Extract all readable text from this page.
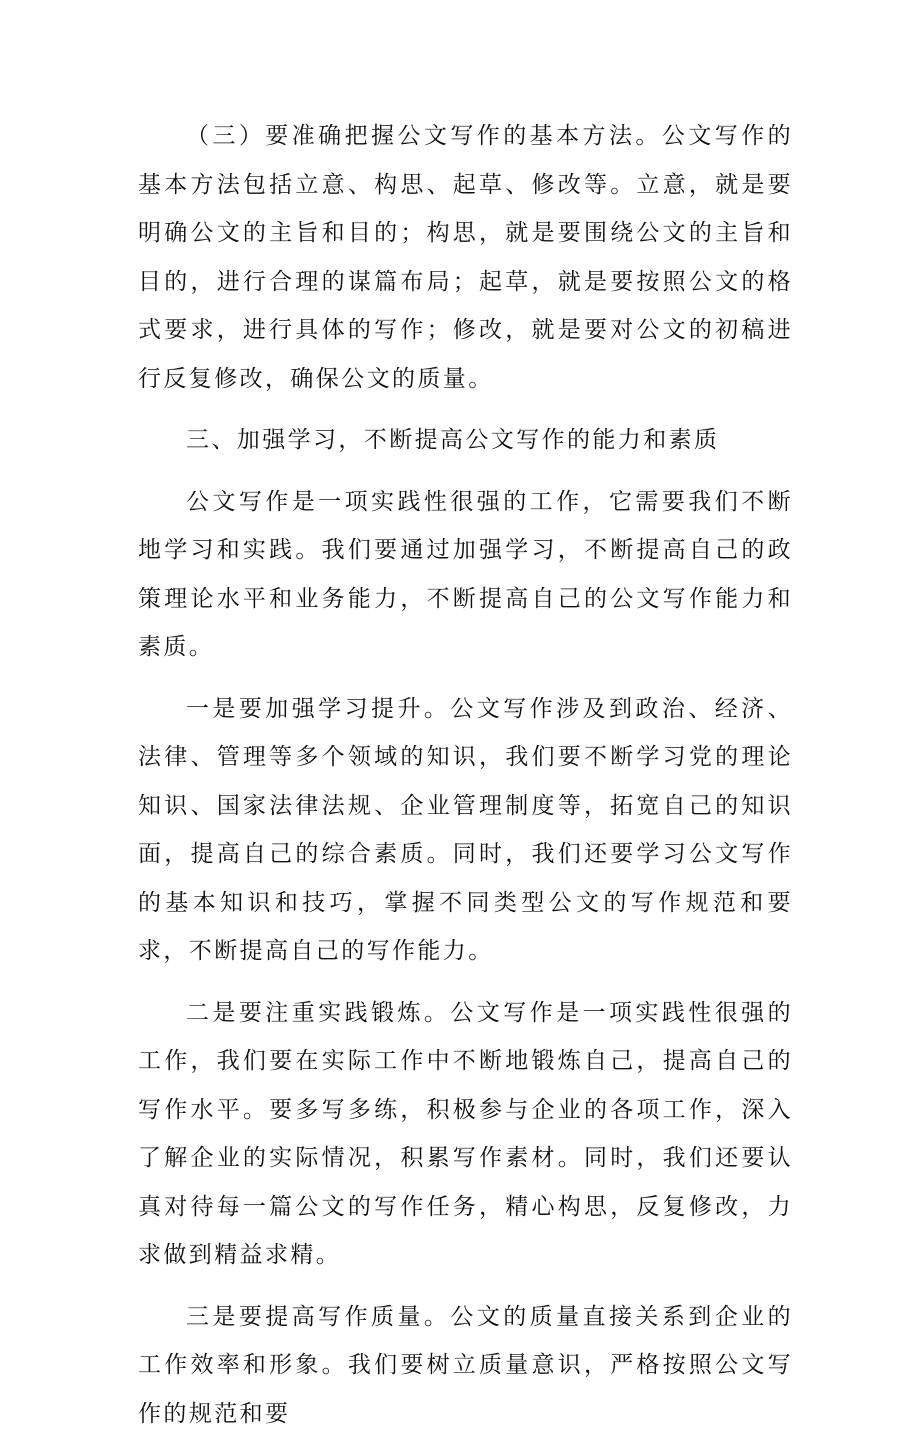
（三）要准确把握公文写作的基本方法。公文写作的基本方法包括立意、构思、起草、修改等。立意，就是要明确公文的主旨和目的；构思，就是要围绕公文的主旨和目的，进行合理的谋篇布局；起草，就是要按照公文的格式要求，进行具体的写作；修改，就是要对公文的初稿进行反复修改，确保公文的质量。

三、加强学习，不断提高公文写作的能力和素质

公文写作是一项实践性很强的工作，它需要我们不断地学习和实践。我们要通过加强学习，不断提高自己的政策理论水平和业务能力，不断提高自己的公文写作能力和素质。

一是要加强学习提升。公文写作涉及到政治、经济、法律、管理等多个领域的知识，我们要不断学习党的理论知识、国家法律法规、企业管理制度等，拓宽自己的知识面，提高自己的综合素质。同时，我们还要学习公文写作的基本知识和技巧，掌握不同类型公文的写作规范和要求，不断提高自己的写作能力。

二是要注重实践锻炼。公文写作是一项实践性很强的工作，我们要在实际工作中不断地锻炼自己，提高自己的写作水平。要多写多练，积极参与企业的各项工作，深入了解企业的实际情况，积累写作素材。同时，我们还要认真对待每一篇公文的写作任务，精心构思，反复修改，力求做到精益求精。

三是要提高写作质量。公文的质量直接关系到企业的工作效率和形象。我们要树立质量意识，严格按照公文写作的规范和要
